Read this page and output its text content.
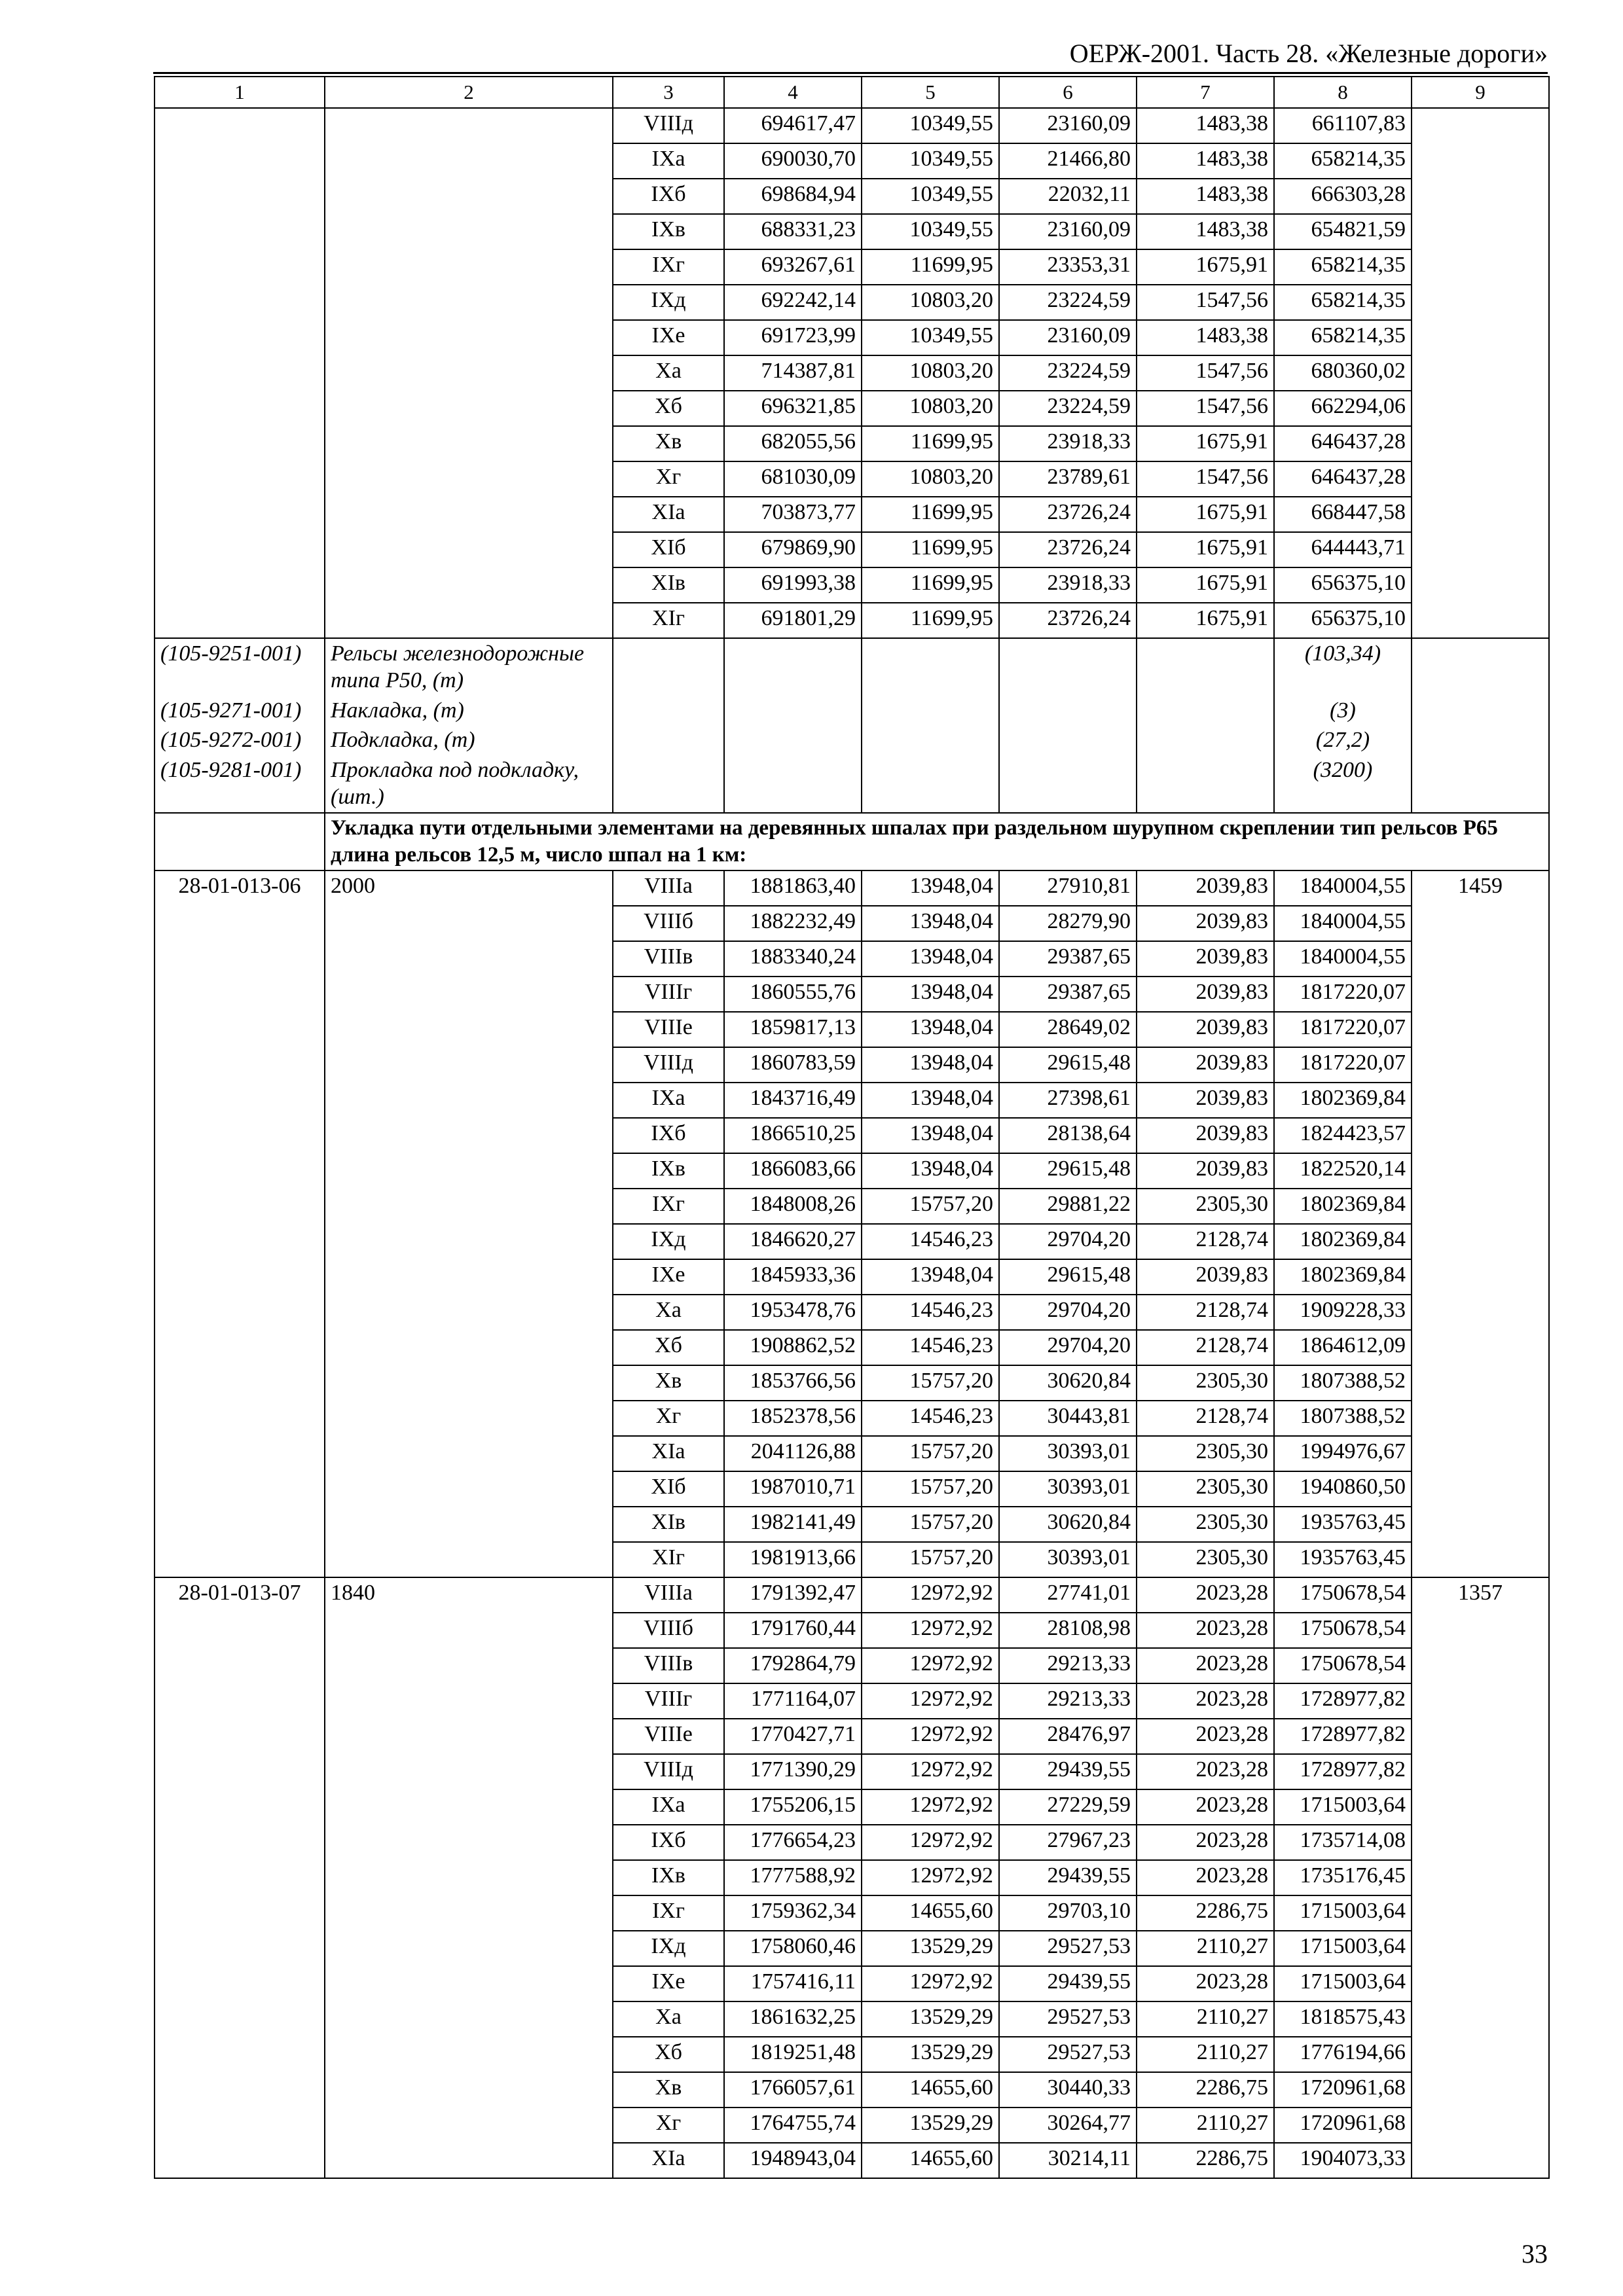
ОЕРЖ-2001. Часть 28. «Железные дороги»
1	2	3	4	5	6	7	8	9
		VIIIд	694617,47	10349,55	23160,09	1483,38	661107,83	
		IXa	690030,70	10349,55	21466,80	1483,38	658214,35	
		IXб	698684,94	10349,55	22032,11	1483,38	666303,28	
		IXв	688331,23	10349,55	23160,09	1483,38	654821,59	
		IXг	693267,61	11699,95	23353,31	1675,91	658214,35	
		IXд	692242,14	10803,20	23224,59	1547,56	658214,35	
		IXе	691723,99	10349,55	23160,09	1483,38	658214,35	
		Xa	714387,81	10803,20	23224,59	1547,56	680360,02	
		Xб	696321,85	10803,20	23224,59	1547,56	662294,06	
		Xв	682055,56	11699,95	23918,33	1675,91	646437,28	
		Xг	681030,09	10803,20	23789,61	1547,56	646437,28	
		XIa	703873,77	11699,95	23726,24	1675,91	668447,58	
		XIб	679869,90	11699,95	23726,24	1675,91	644443,71	
		XIв	691993,38	11699,95	23918,33	1675,91	656375,10	
		XIг	691801,29	11699,95	23726,24	1675,91	656375,10	
(105-9251-001)	Рельсы железнодорожные типа Р50, (т)						(103,34)	
(105-9271-001)	Накладка, (т)						(3)	
(105-9272-001)	Подкладка, (т)						(27,2)	
(105-9281-001)	Прокладка под подкладку, (шт.)						(3200)	
	Укладка пути отдельными элементами на деревянных шпалах при раздельном шурупном скреплении тип рельсов Р65 длина рельсов 12,5 м, число шпал на 1 км:							
28-01-013-06	2000	VIIIa	1881863,40	13948,04	27910,81	2039,83	1840004,55	1459
		VIIIб	1882232,49	13948,04	28279,90	2039,83	1840004,55	
		VIIIв	1883340,24	13948,04	29387,65	2039,83	1840004,55	
		VIIIг	1860555,76	13948,04	29387,65	2039,83	1817220,07	
		VIIIе	1859817,13	13948,04	28649,02	2039,83	1817220,07	
		VIIIд	1860783,59	13948,04	29615,48	2039,83	1817220,07	
		IXa	1843716,49	13948,04	27398,61	2039,83	1802369,84	
		IXб	1866510,25	13948,04	28138,64	2039,83	1824423,57	
		IXв	1866083,66	13948,04	29615,48	2039,83	1822520,14	
		IXг	1848008,26	15757,20	29881,22	2305,30	1802369,84	
		IXд	1846620,27	14546,23	29704,20	2128,74	1802369,84	
		IXе	1845933,36	13948,04	29615,48	2039,83	1802369,84	
		Xa	1953478,76	14546,23	29704,20	2128,74	1909228,33	
		Xб	1908862,52	14546,23	29704,20	2128,74	1864612,09	
		Xв	1853766,56	15757,20	30620,84	2305,30	1807388,52	
		Xг	1852378,56	14546,23	30443,81	2128,74	1807388,52	
		XIa	2041126,88	15757,20	30393,01	2305,30	1994976,67	
		XIб	1987010,71	15757,20	30393,01	2305,30	1940860,50	
		XIв	1982141,49	15757,20	30620,84	2305,30	1935763,45	
		XIг	1981913,66	15757,20	30393,01	2305,30	1935763,45	
28-01-013-07	1840	VIIIa	1791392,47	12972,92	27741,01	2023,28	1750678,54	1357
		VIIIб	1791760,44	12972,92	28108,98	2023,28	1750678,54	
		VIIIв	1792864,79	12972,92	29213,33	2023,28	1750678,54	
		VIIIг	1771164,07	12972,92	29213,33	2023,28	1728977,82	
		VIIIе	1770427,71	12972,92	28476,97	2023,28	1728977,82	
		VIIIд	1771390,29	12972,92	29439,55	2023,28	1728977,82	
		IXa	1755206,15	12972,92	27229,59	2023,28	1715003,64	
		IXб	1776654,23	12972,92	27967,23	2023,28	1735714,08	
		IXв	1777588,92	12972,92	29439,55	2023,28	1735176,45	
		IXг	1759362,34	14655,60	29703,10	2286,75	1715003,64	
		IXд	1758060,46	13529,29	29527,53	2110,27	1715003,64	
		IXе	1757416,11	12972,92	29439,55	2023,28	1715003,64	
		Xa	1861632,25	13529,29	29527,53	2110,27	1818575,43	
		Xб	1819251,48	13529,29	29527,53	2110,27	1776194,66	
		Xв	1766057,61	14655,60	30440,33	2286,75	1720961,68	
		Xг	1764755,74	13529,29	30264,77	2110,27	1720961,68	
		XIa	1948943,04	14655,60	30214,11	2286,75	1904073,33	
33
